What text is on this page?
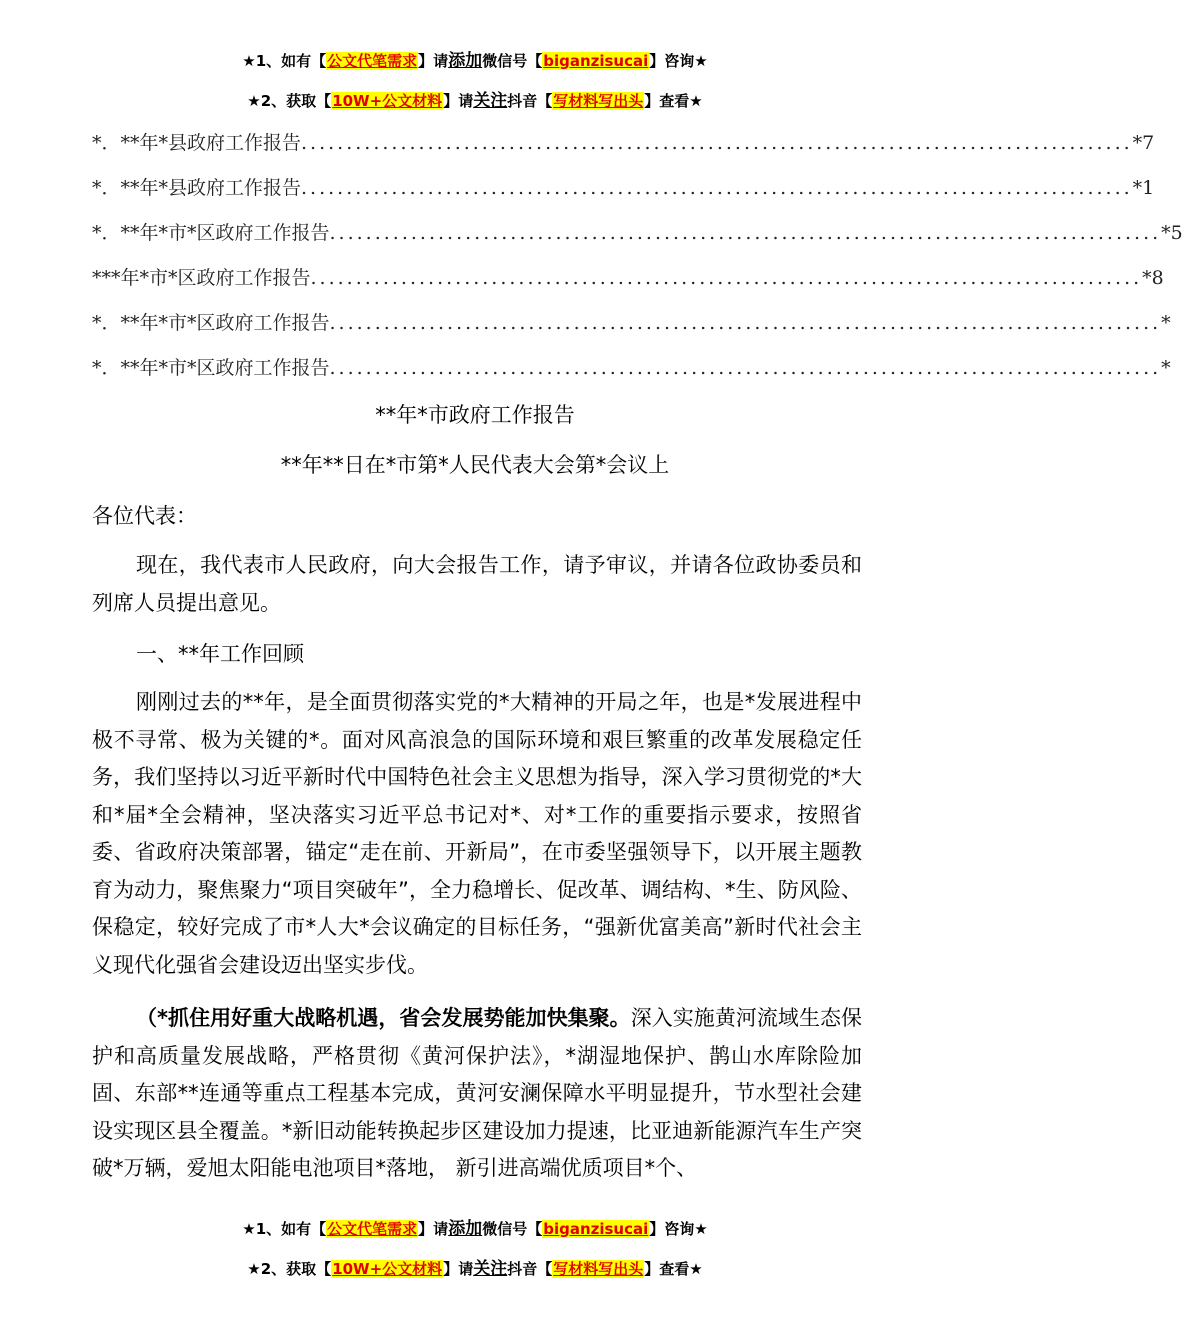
★1、如有【公文代笔需求】请添加微信号【biganzisucai】咨询★
★2、获取【10W+公文材料】请关注抖音【写材料写出头】查看★
*．**年*县政府工作报告 ............................................................................................ *7
*．**年*县政府工作报告 ............................................................................................ *1
*．**年*市*区政府工作报告 ............................................................................................ *5
***年*市*区政府工作报告 ............................................................................................ *8
*．**年*市*区政府工作报告 ............................................................................................ *
*．**年*市*区政府工作报告 ............................................................................................ *
**年*市政府工作报告
**年**日在*市第*人民代表大会第*会议上
各位代表：
现在，我代表市人民政府，向大会报告工作，请予审议，并请各位政协委员和列席人员提出意见。
一、**年工作回顾
刚刚过去的**年，是全面贯彻落实党的*大精神的开局之年，也是*发展进程中极不寻常、极为关键的*。面对风高浪急的国际环境和艰巨繁重的改革发展稳定任务，我们坚持以习近平新时代中国特色社会主义思想为指导，深入学习贯彻党的*大和*届*全会精神，坚决落实习近平总书记对*、对*工作的重要指示要求，按照省委、省政府决策部署，锚定“走在前、开新局”，在市委坚强领导下，以开展主题教育为动力，聚焦聚力“项目突破年”，全力稳增长、促改革、调结构、*生、防风险、保稳定，较好完成了市*人大*会议确定的目标任务，“强新优富美高”新时代社会主义现代化强省会建设迈出坚实步伐。
（*抓住用好重大战略机遇，省会发展势能加快集聚。深入实施黄河流域生态保护和高质量发展战略，严格贯彻《黄河保护法》，*湖湿地保护、鹊山水库除险加固、东部**连通等重点工程基本完成，黄河安澜保障水平明显提升，节水型社会建设实现区县全覆盖。*新旧动能转换起步区建设加力提速，比亚迪新能源汽车生产突破*万辆，爱旭太阳能电池项目*落地， 新引进高端优质项目*个、
★1、如有【公文代笔需求】请添加微信号【biganzisucai】咨询★
★2、获取【10W+公文材料】请关注抖音【写材料写出头】查看★
